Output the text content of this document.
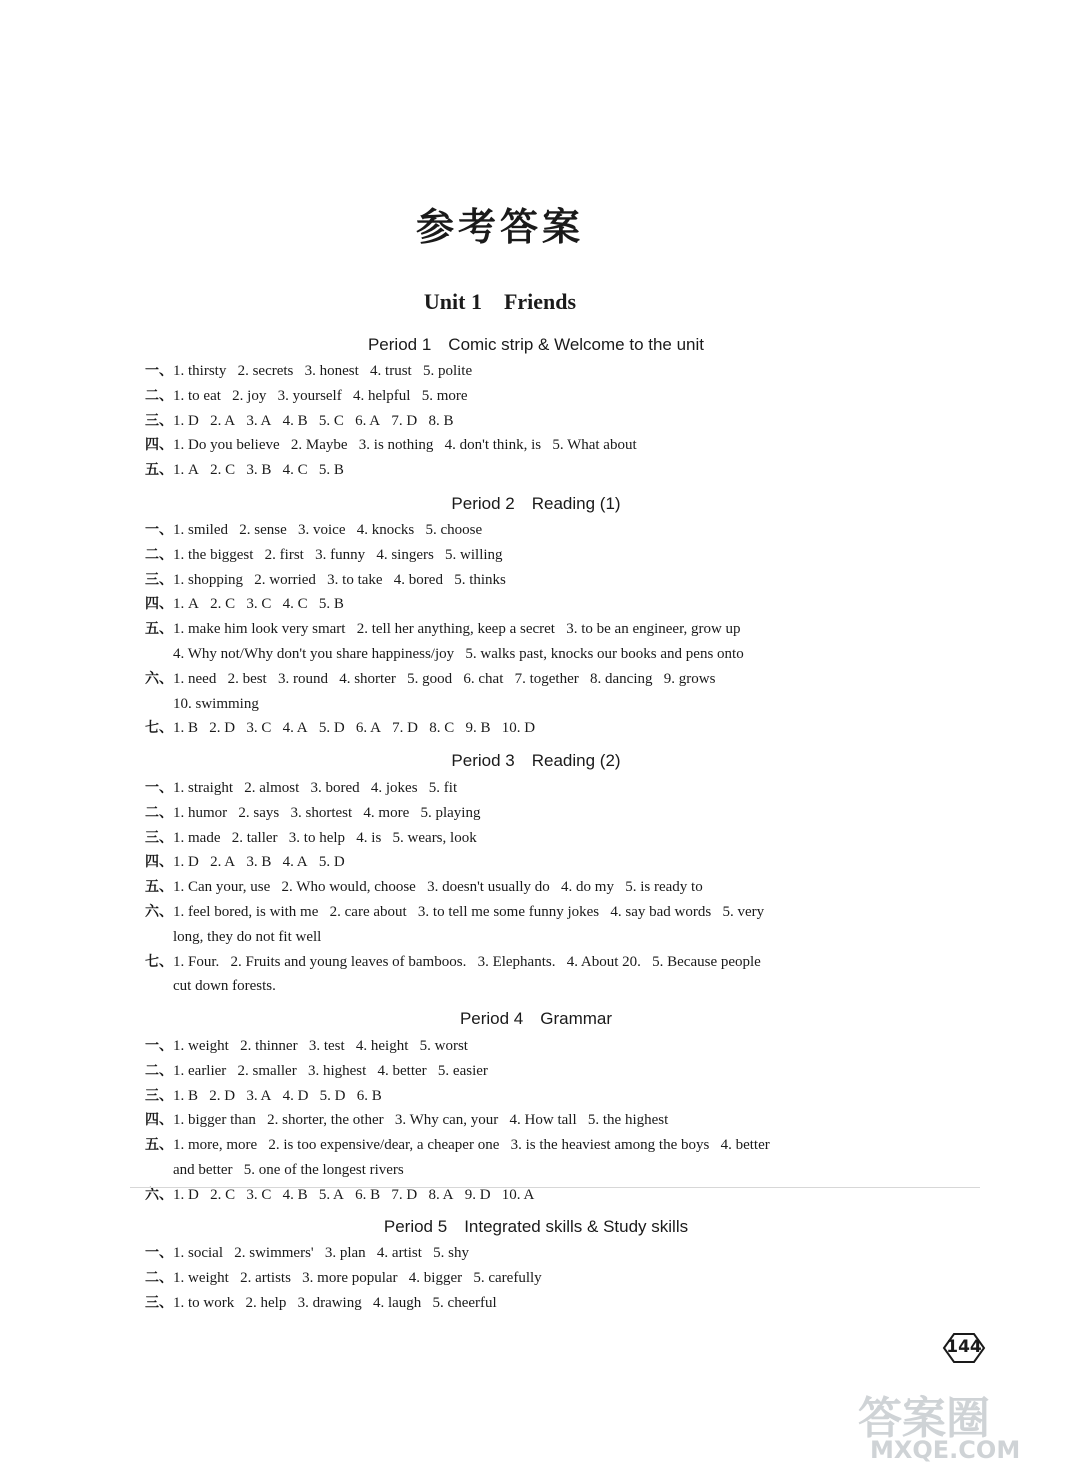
参考答案
Unit 1　Friends
Period 1　Comic strip & Welcome to the unit
一、1. thirsty   2. secrets   3. honest   4. trust   5. polite
二、1. to eat   2. joy   3. yourself   4. helpful   5. more
三、1. D   2. A   3. A   4. B   5. C   6. A   7. D   8. B
四、1. Do you believe   2. Maybe   3. is nothing   4. don't think, is   5. What about
五、1. A   2. C   3. B   4. C   5. B
Period 2　Reading (1)
一、1. smiled   2. sense   3. voice   4. knocks   5. choose
二、1. the biggest   2. first   3. funny   4. singers   5. willing
三、1. shopping   2. worried   3. to take   4. bored   5. thinks
四、1. A   2. C   3. C   4. C   5. B
五、1. make him look very smart   2. tell her anything, keep a secret   3. to be an engineer, grow up
4. Why not/Why don't you share happiness/joy   5. walks past, knocks our books and pens onto
六、1. need   2. best   3. round   4. shorter   5. good   6. chat   7. together   8. dancing   9. grows
10. swimming
七、1. B   2. D   3. C   4. A   5. D   6. A   7. D   8. C   9. B   10. D
Period 3　Reading (2)
一、1. straight   2. almost   3. bored   4. jokes   5. fit
二、1. humor   2. says   3. shortest   4. more   5. playing
三、1. made   2. taller   3. to help   4. is   5. wears, look
四、1. D   2. A   3. B   4. A   5. D
五、1. Can your, use   2. Who would, choose   3. doesn't usually do   4. do my   5. is ready to
六、1. feel bored, is with me   2. care about   3. to tell me some funny jokes   4. say bad words   5. very
long, they do not fit well
七、1. Four.   2. Fruits and young leaves of bamboos.   3. Elephants.   4. About 20.   5. Because people
cut down forests.
Period 4　Grammar
一、1. weight   2. thinner   3. test   4. height   5. worst
二、1. earlier   2. smaller   3. highest   4. better   5. easier
三、1. B   2. D   3. A   4. D   5. D   6. B
四、1. bigger than   2. shorter, the other   3. Why can, your   4. How tall   5. the highest
五、1. more, more   2. is too expensive/dear, a cheaper one   3. is the heaviest among the boys   4. better
and better   5. one of the longest rivers
六、1. D   2. C   3. C   4. B   5. A   6. B   7. D   8. A   9. D   10. A
Period 5　Integrated skills & Study skills
一、1. social   2. swimmers'   3. plan   4. artist   5. shy
二、1. weight   2. artists   3. more popular   4. bigger   5. carefully
三、1. to work   2. help   3. drawing   4. laugh   5. cheerful
144
答案圈
MXQE.COM
